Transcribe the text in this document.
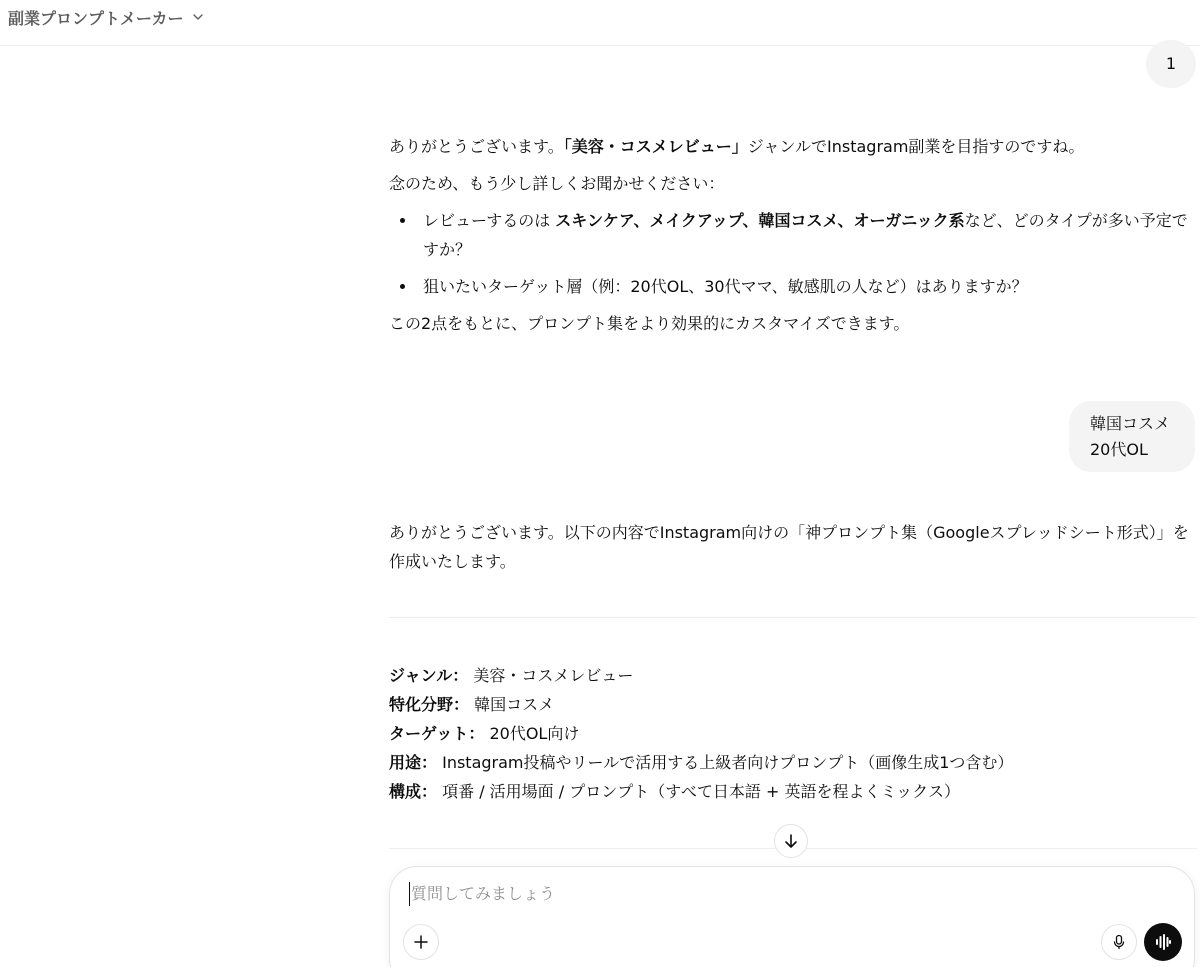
副業プロンプトメーカー
1

ありがとうございます。「美容・コスメレビュー」ジャンルでInstagram副業を目指すのですね。

念のため、もう少し詳しくお聞かせください：

レビューするのは スキンケア、メイクアップ、韓国コスメ、オーガニック系など、どのタイプが多い予定ですか？
狙いたいターゲット層（例：20代OL、30代ママ、敏感肌の人など）はありますか？

この2点をもとに、プロンプト集をより効果的にカスタマイズできます。

韓国コスメ
20代OL

ありがとうございます。以下の内容でInstagram向けの「神プロンプト集（Googleスプレッドシート形式）」を作成いたします。

ジャンル： 美容・コスメレビュー
特化分野： 韓国コスメ
ターゲット： 20代OL向け
用途： Instagram投稿やリールで活用する上級者向けプロンプト（画像生成1つ含む）
構成： 項番 / 活用場面 / プロンプト（すべて日本語 + 英語を程よくミックス）
質問してみましょう
